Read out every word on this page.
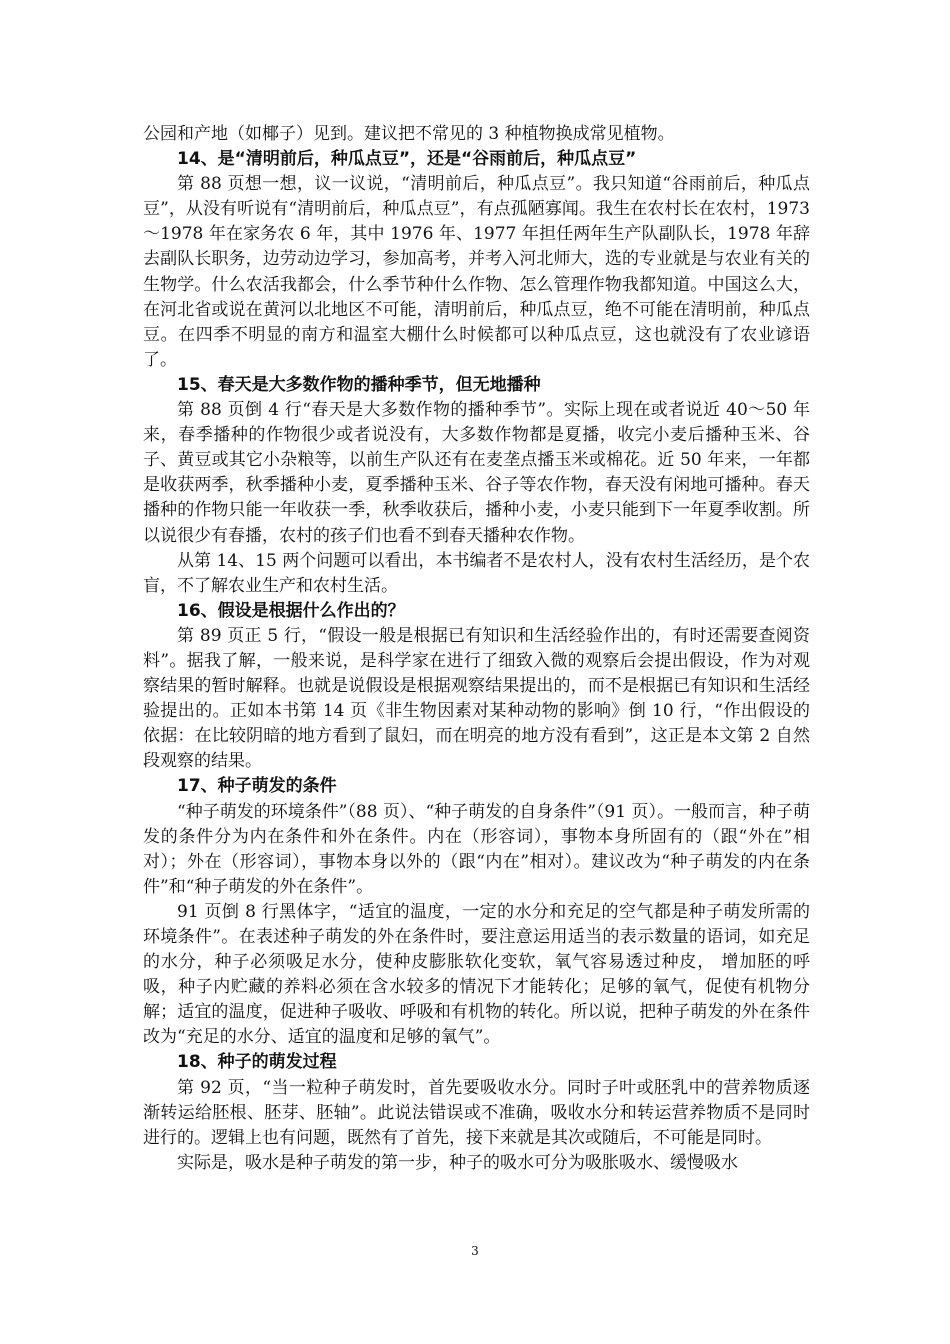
公园和产地（如椰子）见到。建议把不常见的 3 种植物换成常见植物。

14、是“清明前后，种瓜点豆”，还是“谷雨前后，种瓜点豆”

第 88 页想一想，议一议说，“清明前后，种瓜点豆”。我只知道“谷雨前后，种瓜点豆”，从没有听说有“清明前后，种瓜点豆”，有点孤陋寡闻。我生在农村长在农村，1973～1978 年在家务农 6 年，其中 1976 年、1977 年担任两年生产队副队长，1978 年辞去副队长职务，边劳动边学习，参加高考，并考入河北师大，选的专业就是与农业有关的生物学。什么农活我都会，什么季节种什么作物、怎么管理作物我都知道。中国这么大，在河北省或说在黄河以北地区不可能，清明前后，种瓜点豆，绝不可能在清明前，种瓜点豆。在四季不明显的南方和温室大棚什么时候都可以种瓜点豆，这也就没有了农业谚语了。

15、春天是大多数作物的播种季节，但无地播种

第 88 页倒 4 行“春天是大多数作物的播种季节”。实际上现在或者说近 40～50 年来，春季播种的作物很少或者说没有，大多数作物都是夏播，收完小麦后播种玉米、谷子、黄豆或其它小杂粮等，以前生产队还有在麦垄点播玉米或棉花。近 50 年来，一年都是收获两季，秋季播种小麦，夏季播种玉米、谷子等农作物，春天没有闲地可播种。春天播种的作物只能一年收获一季，秋季收获后，播种小麦，小麦只能到下一年夏季收割。所以说很少有春播，农村的孩子们也看不到春天播种农作物。

从第 14、15 两个问题可以看出，本书编者不是农村人，没有农村生活经历，是个农盲，不了解农业生产和农村生活。

16、假设是根据什么作出的？

第 89 页正 5 行，“假设一般是根据已有知识和生活经验作出的，有时还需要查阅资料”。据我了解，一般来说，是科学家在进行了细致入微的观察后会提出假设，作为对观察结果的暂时解释。也就是说假设是根据观察结果提出的，而不是根据已有知识和生活经验提出的。正如本书第 14 页《非生物因素对某种动物的影响》倒 10 行，“作出假设的依据：在比较阴暗的地方看到了鼠妇，而在明亮的地方没有看到”，这正是本文第 2 自然段观察的结果。

17、种子萌发的条件

“种子萌发的环境条件”（88 页）、“种子萌发的自身条件”（91 页）。一般而言，种子萌发的条件分为内在条件和外在条件。内在（形容词），事物本身所固有的（跟“外在”相对）；外在（形容词），事物本身以外的（跟“内在”相对）。建议改为“种子萌发的内在条件”和“种子萌发的外在条件”。

91 页倒 8 行黑体字，“适宜的温度，一定的水分和充足的空气都是种子萌发所需的环境条件”。在表述种子萌发的外在条件时，要注意运用适当的表示数量的语词，如充足的水分，种子必须吸足水分，使种皮膨胀软化变软，氧气容易透过种皮， 增加胚的呼吸，种子内贮藏的养料必须在含水较多的情况下才能转化；足够的氧气，促使有机物分解；适宜的温度，促进种子吸收、呼吸和有机物的转化。所以说，把种子萌发的外在条件改为“充足的水分、适宜的温度和足够的氧气”。

18、种子的萌发过程

第 92 页，“当一粒种子萌发时，首先要吸收水分。同时子叶或胚乳中的营养物质逐渐转运给胚根、胚芽、胚轴”。此说法错误或不准确，吸收水分和转运营养物质不是同时进行的。逻辑上也有问题，既然有了首先，接下来就是其次或随后，不可能是同时。

实际是，吸水是种子萌发的第一步，种子的吸水可分为吸胀吸水、缓慢吸水

3
